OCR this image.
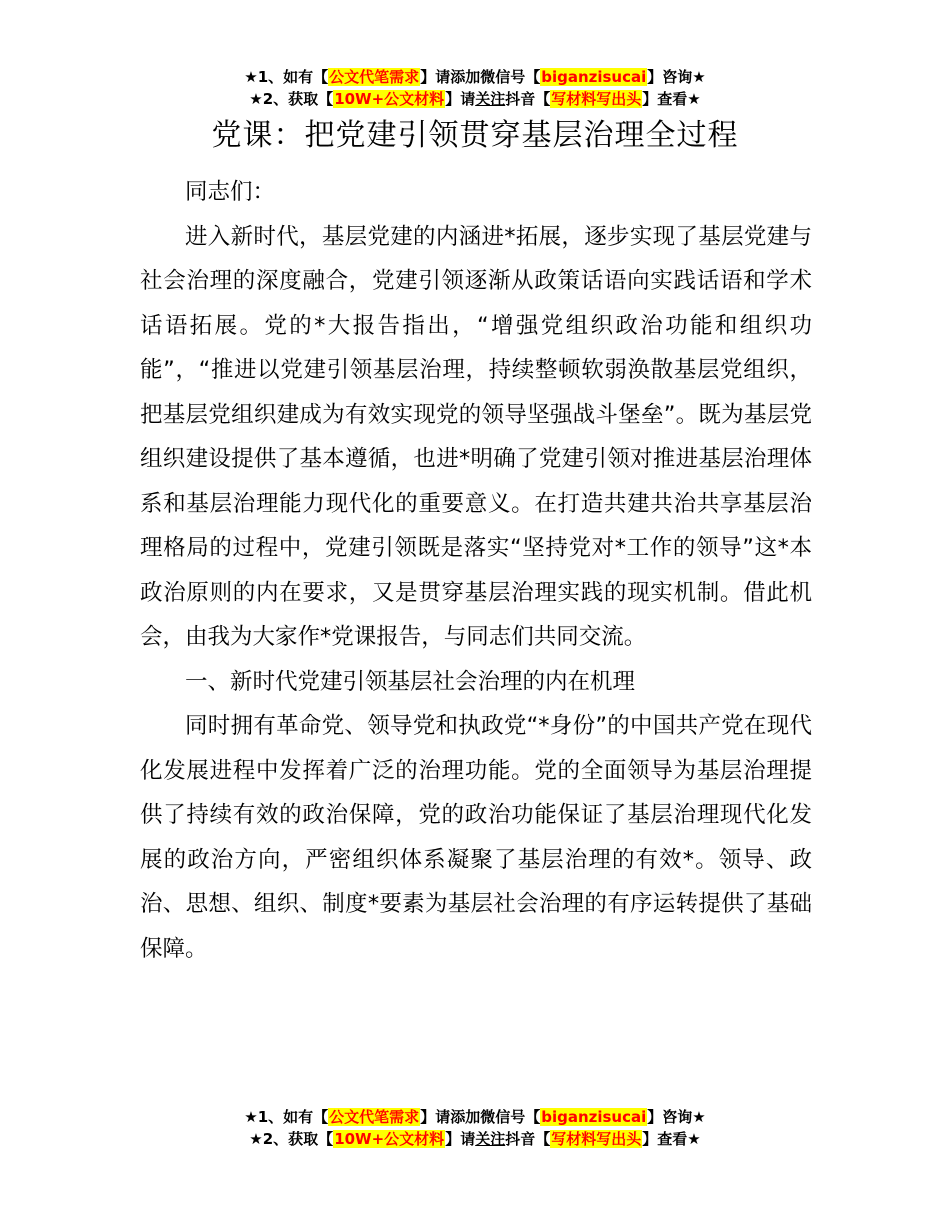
★1、如有【公文代笔需求】请添加微信号【biganzisucai】咨询★
★2、获取【10W+公文材料】请关注抖音【写材料写出头】查看★
党课：把党建引领贯穿基层治理全过程

同志们：

进入新时代，基层党建的内涵进*拓展，逐步实现了基层党建与社会治理的深度融合，党建引领逐渐从政策话语向实践话语和学术话语拓展。党的*大报告指出，“增强党组织政治功能和组织功能”，“推进以党建引领基层治理，持续整顿软弱涣散基层党组织，把基层党组织建成为有效实现党的领导坚强战斗堡垒”。既为基层党组织建设提供了基本遵循，也进*明确了党建引领对推进基层治理体系和基层治理能力现代化的重要意义。在打造共建共治共享基层治理格局的过程中，党建引领既是落实“坚持党对*工作的领导”这*本政治原则的内在要求，又是贯穿基层治理实践的现实机制。借此机会，由我为大家作*党课报告，与同志们共同交流。

一、新时代党建引领基层社会治理的内在机理

同时拥有革命党、领导党和执政党“*身份”的中国共产党在现代化发展进程中发挥着广泛的治理功能。党的全面领导为基层治理提供了持续有效的政治保障，党的政治功能保证了基层治理现代化发展的政治方向，严密组织体系凝聚了基层治理的有效*。领导、政治、思想、组织、制度*要素为基层社会治理的有序运转提供了基础保障。

★1、如有【公文代笔需求】请添加微信号【biganzisucai】咨询★
★2、获取【10W+公文材料】请关注抖音【写材料写出头】查看★
